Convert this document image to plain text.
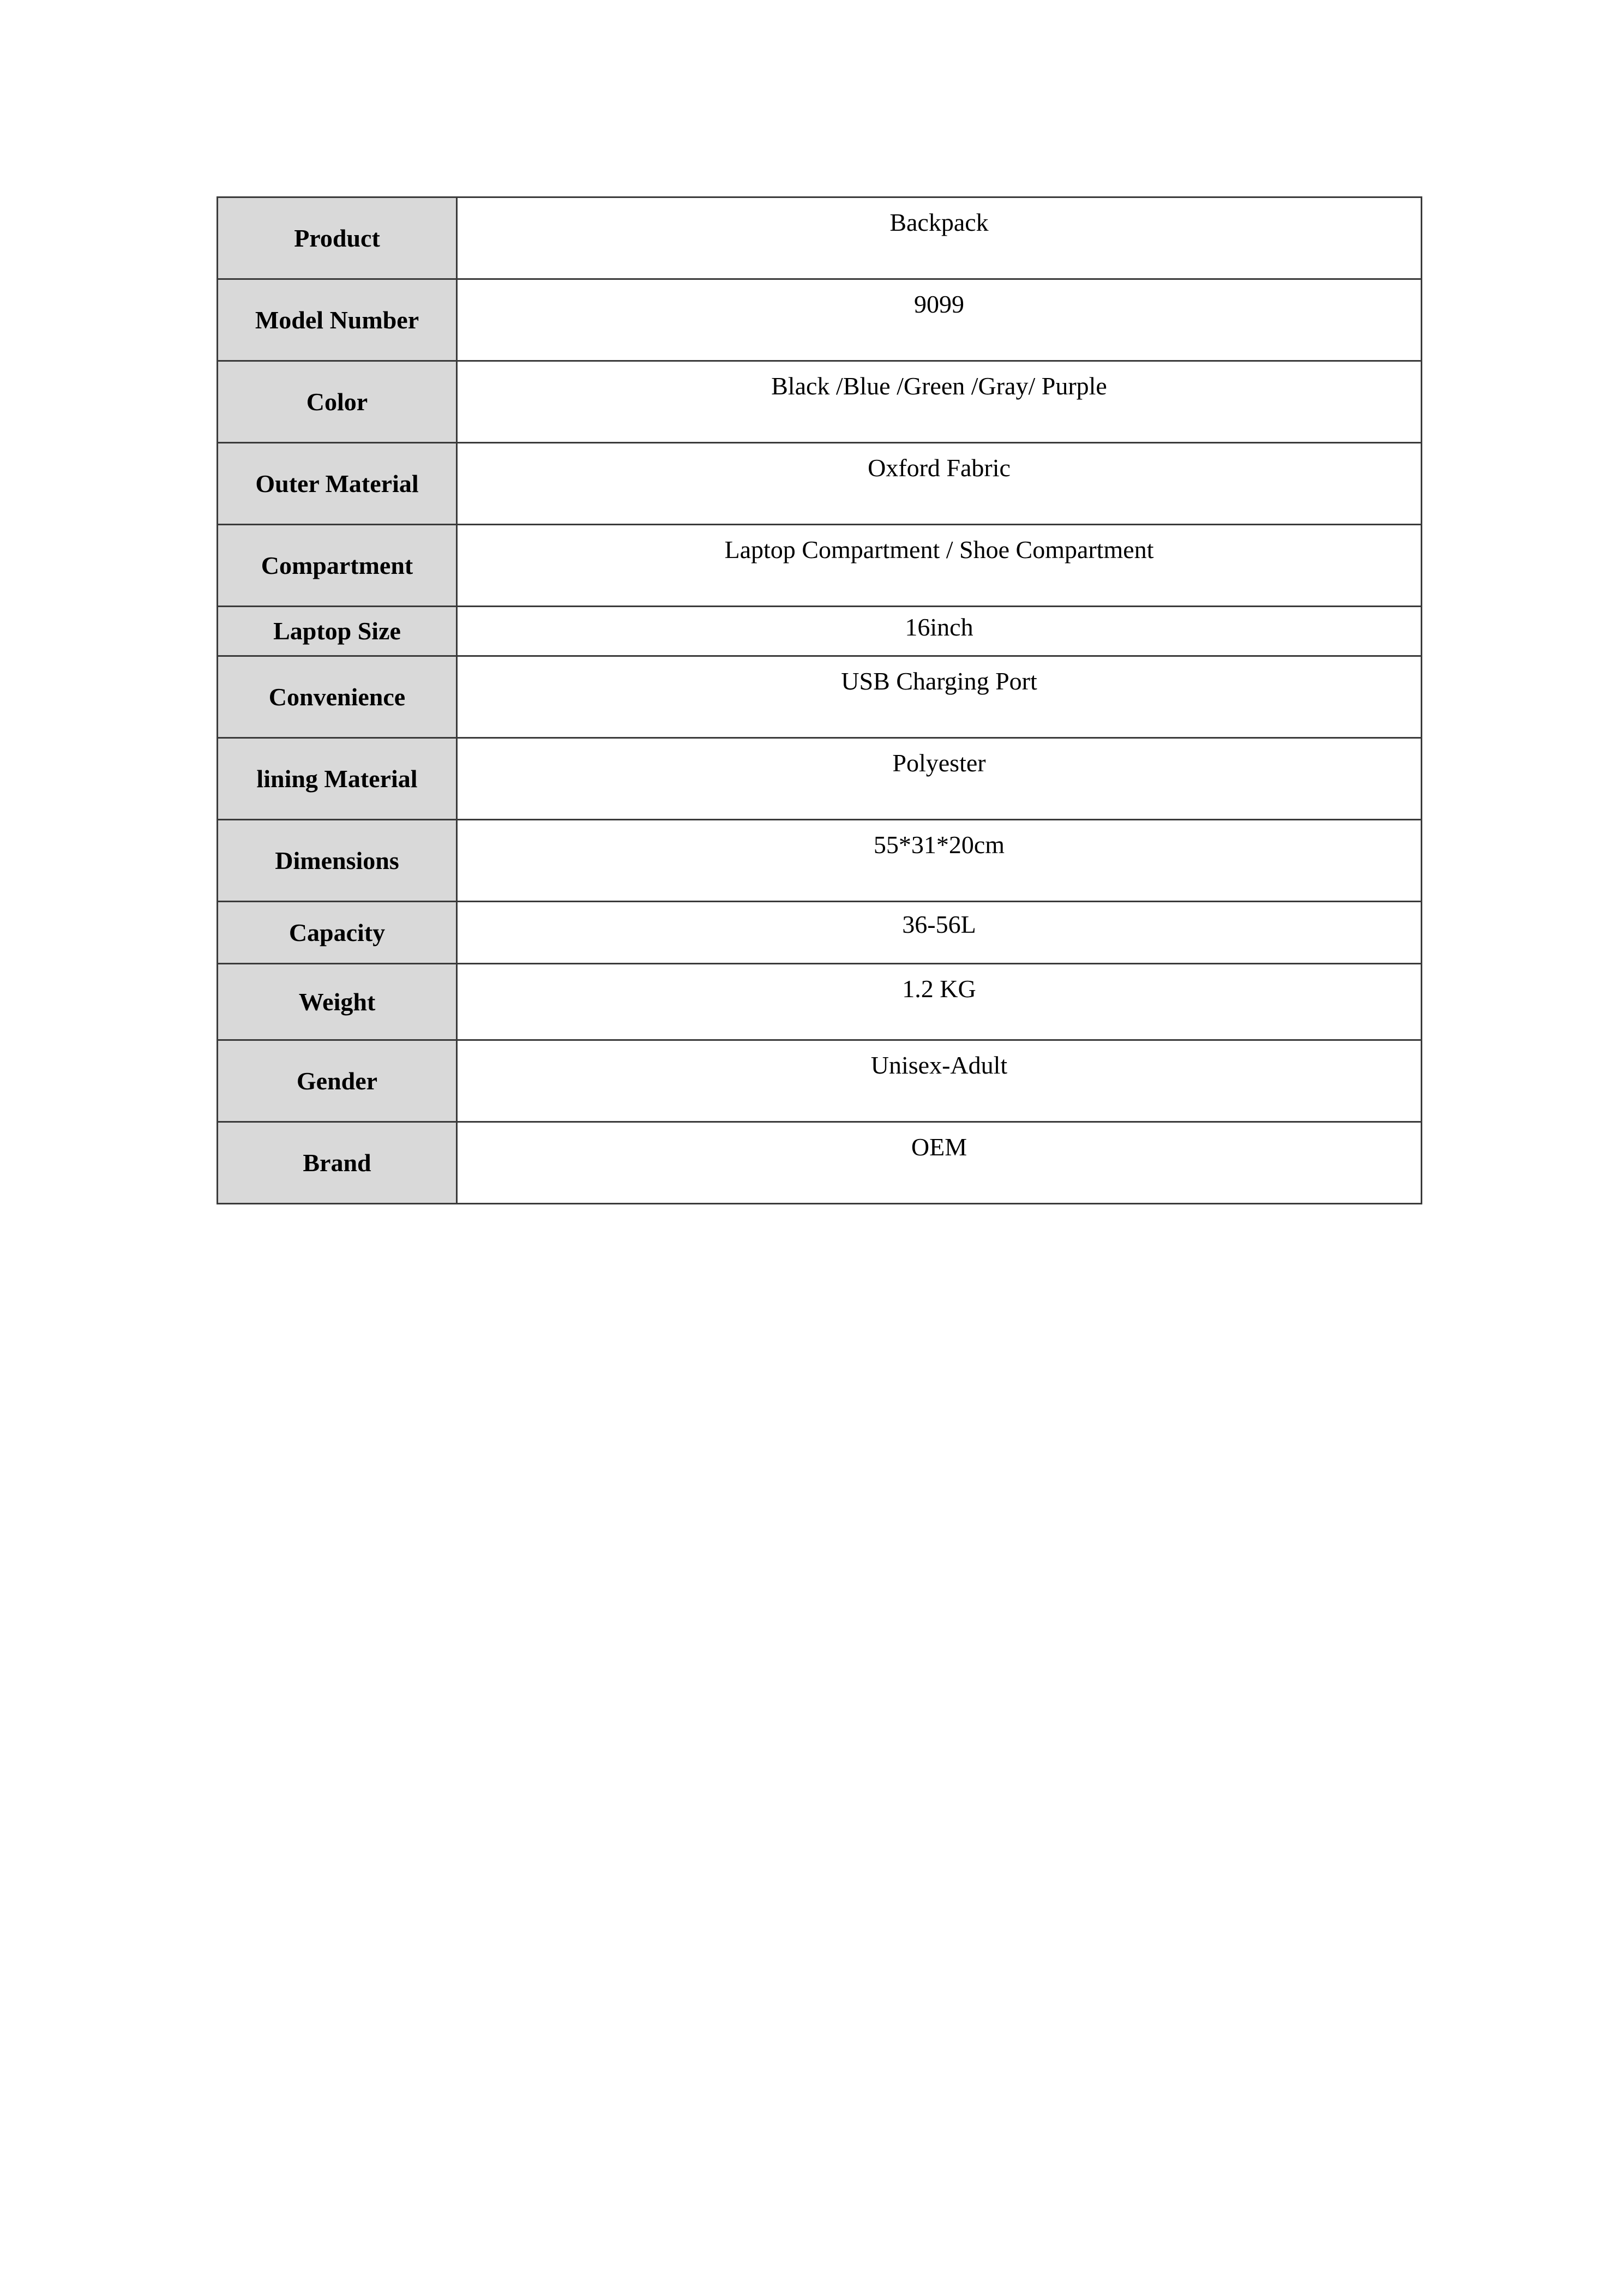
Product	Backpack
Model Number	9099
Color	Black /Blue /Green /Gray/ Purple
Outer Material	Oxford Fabric
Compartment	Laptop Compartment / Shoe Compartment
Laptop Size	16inch
Convenience	USB Charging Port
lining Material	Polyester
Dimensions	55*31*20cm
Capacity	36-56L
Weight	1.2 KG
Gender	Unisex-Adult
Brand	OEM
